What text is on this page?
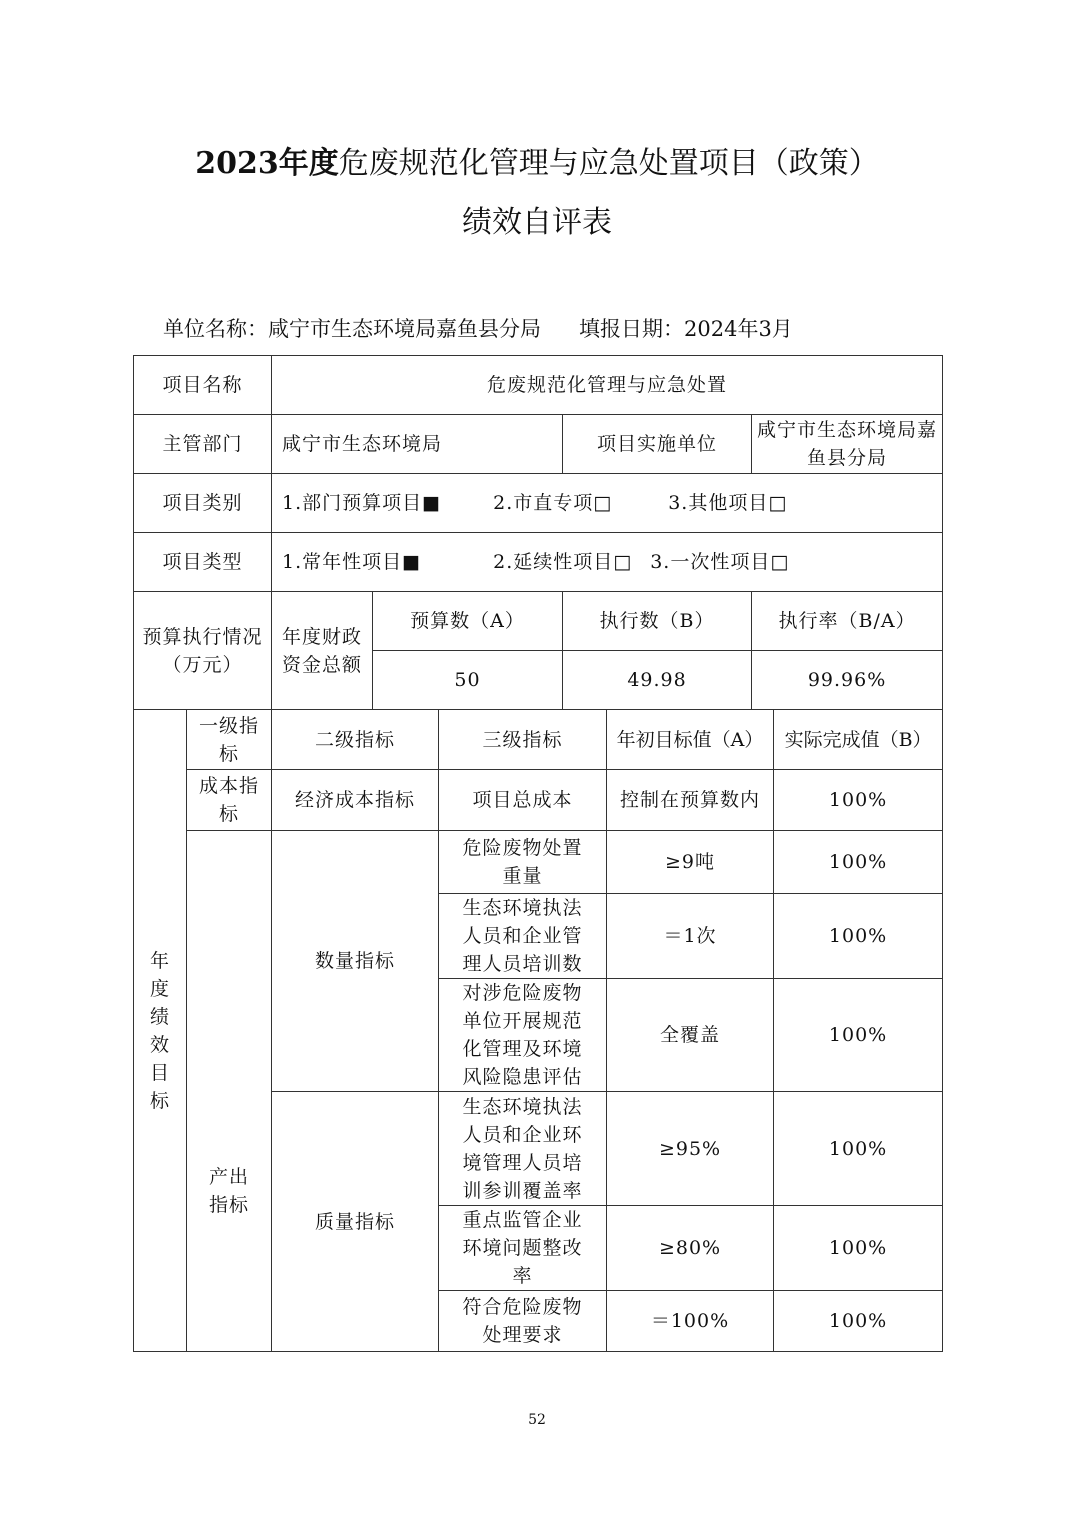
2023年度危废规范化管理与应急处置项目（政策）
绩效自评表
单位名称：咸宁市生态环境局嘉鱼县分局 填报日期：2024年3月
项目名称		危废规范化管理与应急处置						
主管部门		咸宁市生态环境局			项目实施单位		咸宁市生态环境局嘉鱼县分局	
项目类别		1.部门预算项目■ 2.市直专项□ 3.其他项目□						
项目类型		1.常年性项目■ 2.延续性项目□ 3.一次性项目□						
预算执行情况（万元）		年度财政资金总额	预算数（A）		执行数（B）		执行率（B/A）	
			50		49.98		99.96%	
年度绩效目标	一级指标	二级指标		三级指标		年初目标值（A）		实际完成值（B）
	成本指标	经济成本指标		项目总成本		控制在预算数内		100%
	产出指标	数量指标		危险废物处置重量		≥9吨		100%
				生态环境执法人员和企业管理人员培训数		＝1次		100%
				对涉危险废物单位开展规范化管理及环境风险隐患评估		全覆盖		100%
		质量指标		生态环境执法人员和企业环境管理人员培训参训覆盖率		≥95%		100%
				重点监管企业环境问题整改率		≥80%		100%
				符合危险废物处理要求		＝100%		100%
52
